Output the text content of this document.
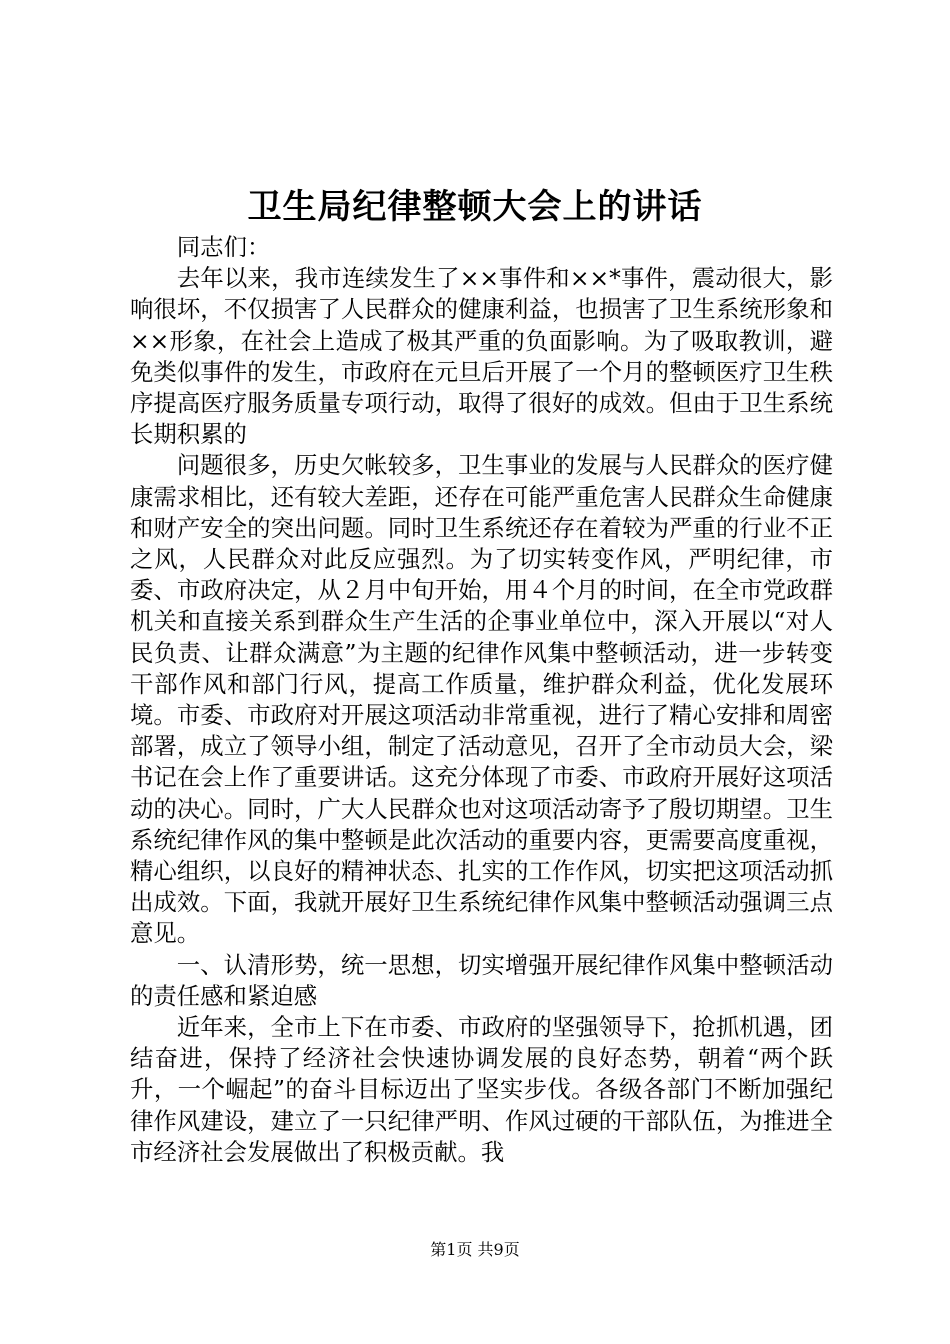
卫生局纪律整顿大会上的讲话

同志们：

去年以来，我市连续发生了××事件和××*事件，震动很大，影响很坏，不仅损害了人民群众的健康利益，也损害了卫生系统形象和××形象，在社会上造成了极其严重的负面影响。为了吸取教训，避免类似事件的发生，市政府在元旦后开展了一个月的整顿医疗卫生秩序提高医疗服务质量专项行动，取得了很好的成效。但由于卫生系统长期积累的

问题很多，历史欠帐较多，卫生事业的发展与人民群众的医疗健康需求相比，还有较大差距，还存在可能严重危害人民群众生命健康和财产安全的突出问题。同时卫生系统还存在着较为严重的行业不正之风，人民群众对此反应强烈。为了切实转变作风，严明纪律，市委、市政府决定，从２月中旬开始，用４个月的时间，在全市党政群机关和直接关系到群众生产生活的企事业单位中，深入开展以“对人民负责、让群众满意”为主题的纪律作风集中整顿活动，进一步转变干部作风和部门行风，提高工作质量，维护群众利益，优化发展环境。市委、市政府对开展这项活动非常重视，进行了精心安排和周密部署，成立了领导小组，制定了活动意见，召开了全市动员大会，梁书记在会上作了重要讲话。这充分体现了市委、市政府开展好这项活动的决心。同时，广大人民群众也对这项活动寄予了殷切期望。卫生系统纪律作风的集中整顿是此次活动的重要内容，更需要高度重视，精心组织，以良好的精神状态、扎实的工作作风，切实把这项活动抓出成效。下面，我就开展好卫生系统纪律作风集中整顿活动强调三点意见。

一、认清形势，统一思想，切实增强开展纪律作风集中整顿活动的责任感和紧迫感

近年来，全市上下在市委、市政府的坚强领导下，抢抓机遇，团结奋进，保持了经济社会快速协调发展的良好态势，朝着“两个跃升，一个崛起”的奋斗目标迈出了坚实步伐。各级各部门不断加强纪律作风建设，建立了一只纪律严明、作风过硬的干部队伍，为推进全市经济社会发展做出了积极贡献。我

第1页 共9页
